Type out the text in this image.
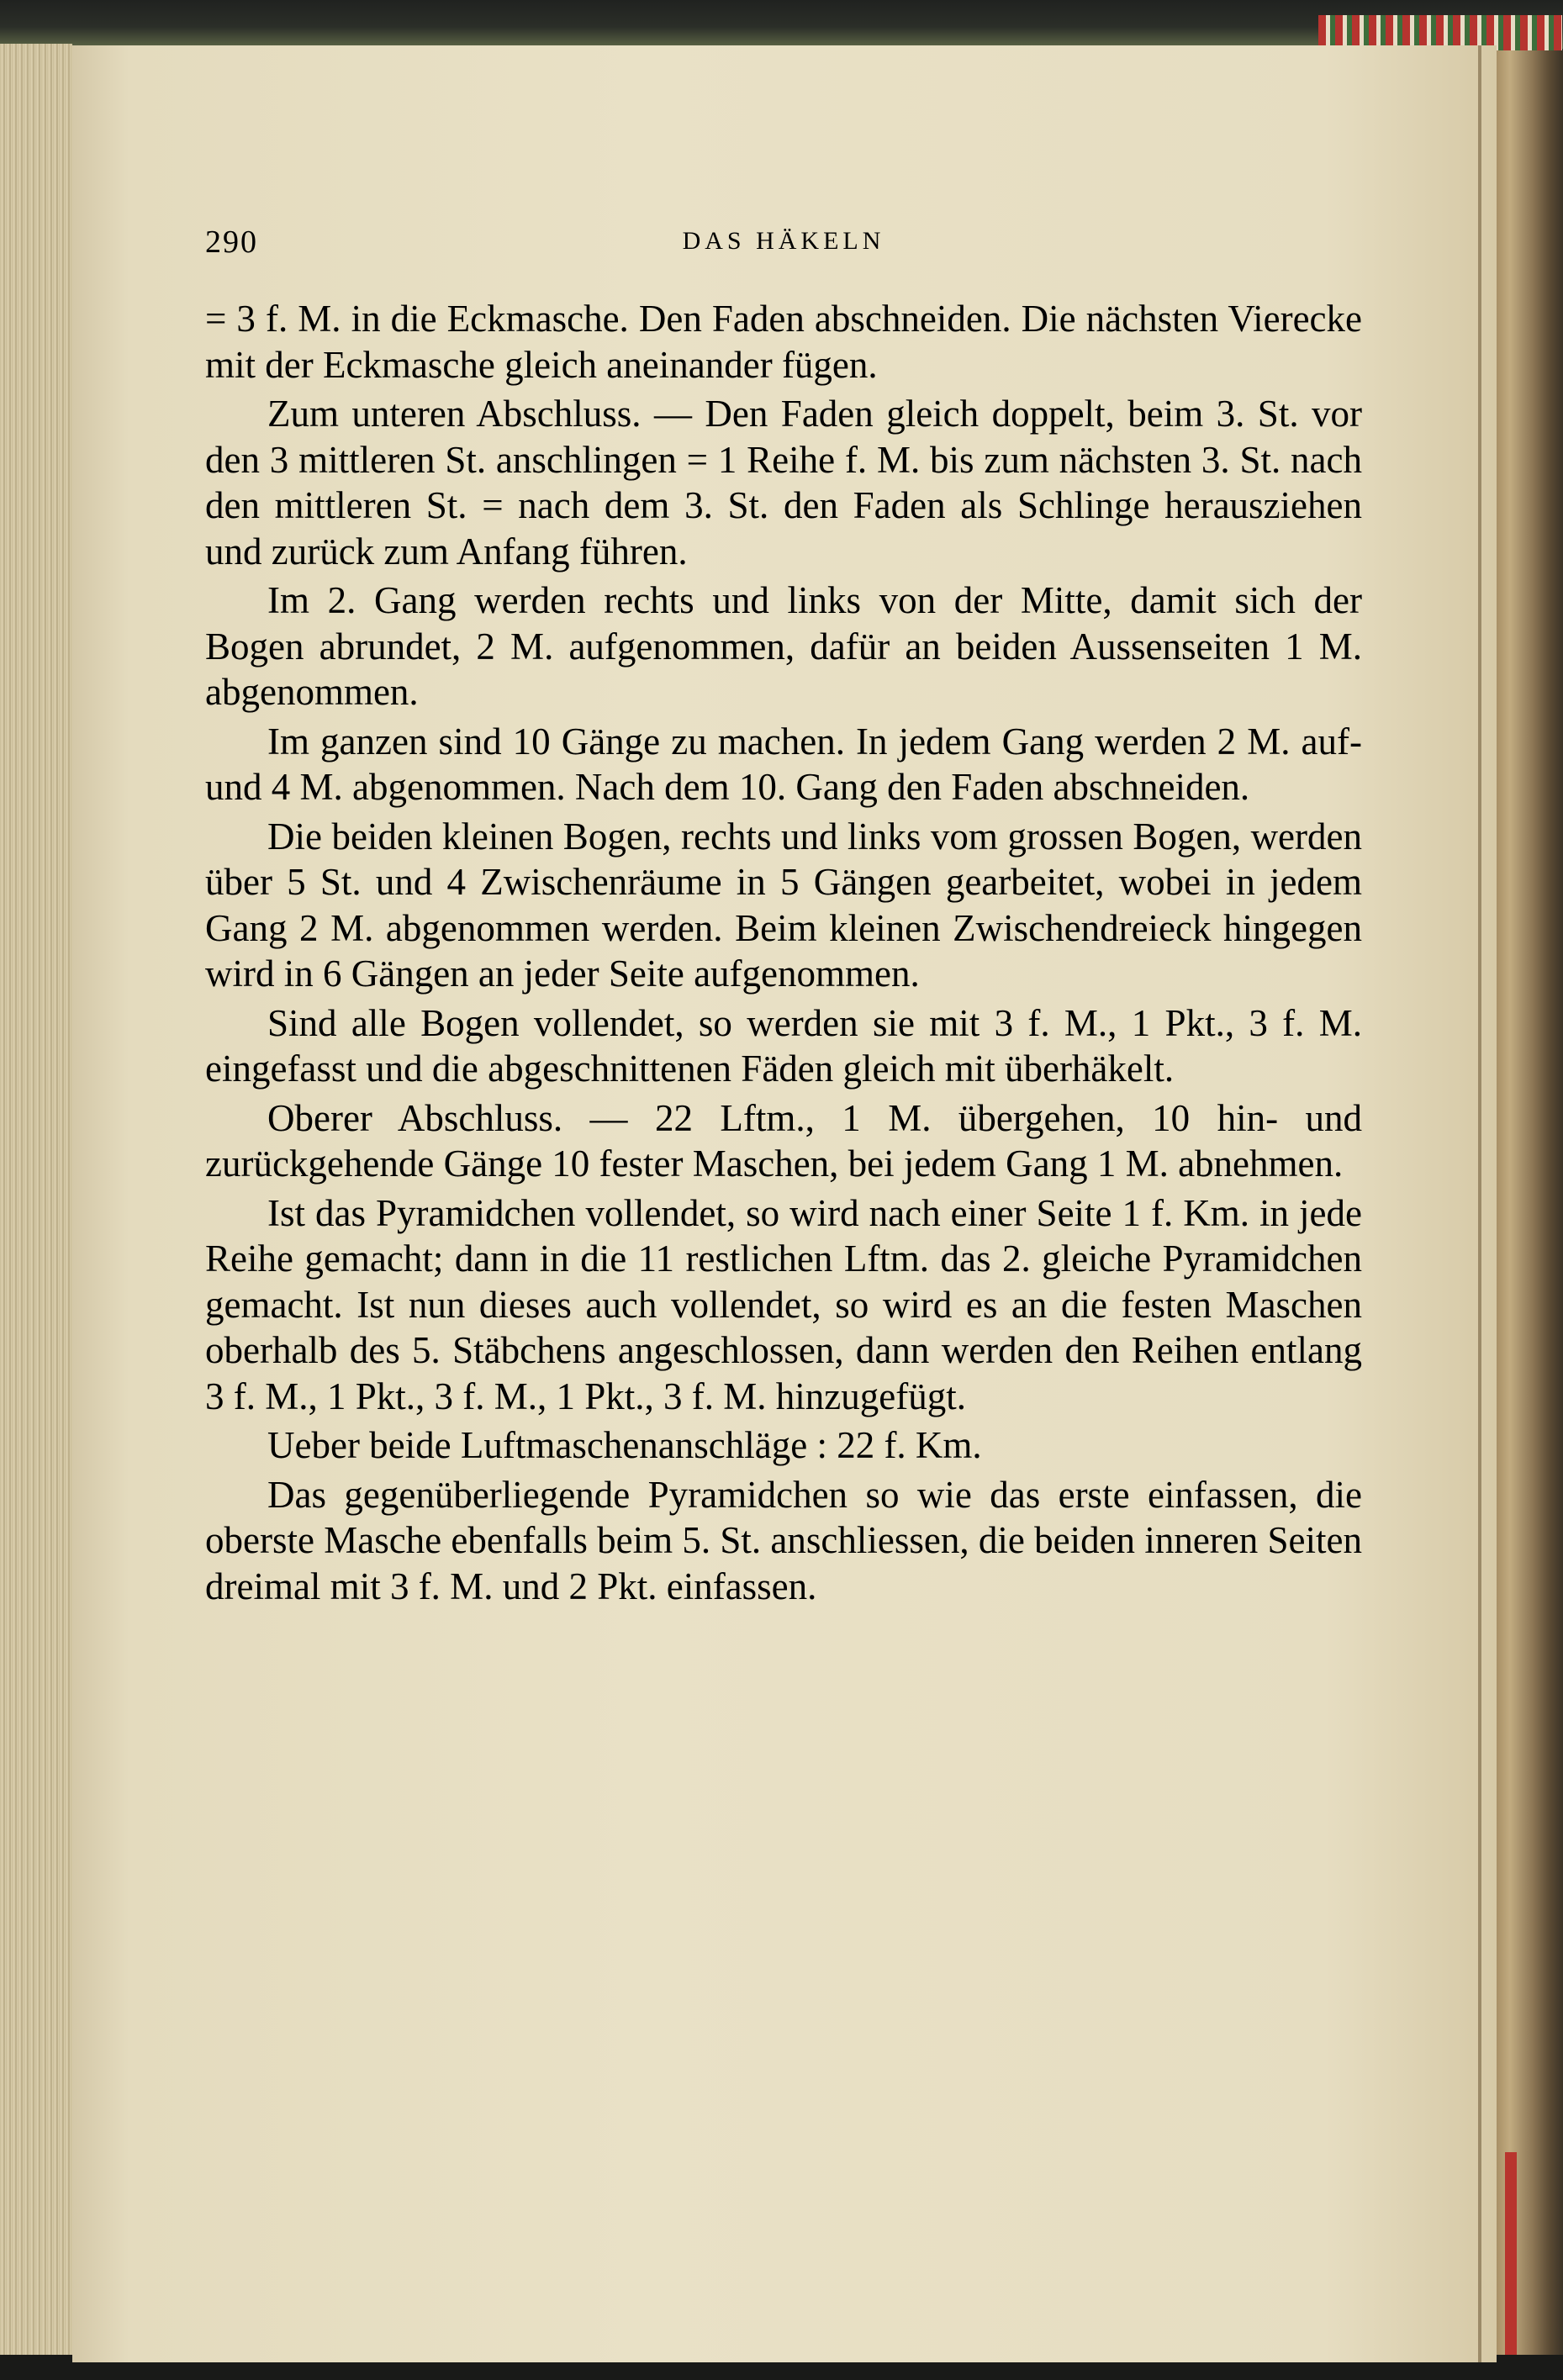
290	DAS HÄKELN

= 3 f. M. in die Eckmasche. Den Faden abschneiden. Die nächsten Vierecke mit der Eckmasche gleich aneinander fügen.

Zum unteren Abschluss. — Den Faden gleich doppelt, beim 3. St. vor den 3 mittleren St. anschlingen = 1 Reihe f. M. bis zum nächsten 3. St. nach den mittleren St. = nach dem 3. St. den Faden als Schlinge herausziehen und zurück zum Anfang führen.

Im 2. Gang werden rechts und links von der Mitte, damit sich der Bogen abrundet, 2 M. aufgenommen, dafür an beiden Aussenseiten 1 M. abgenommen.

Im ganzen sind 10 Gänge zu machen. In jedem Gang werden 2 M. auf- und 4 M. abgenommen. Nach dem 10. Gang den Faden abschneiden.

Die beiden kleinen Bogen, rechts und links vom grossen Bogen, werden über 5 St. und 4 Zwischenräume in 5 Gängen gearbeitet, wobei in jedem Gang 2 M. abgenommen werden. Beim kleinen Zwischendreieck hingegen wird in 6 Gängen an jeder Seite aufgenommen.

Sind alle Bogen vollendet, so werden sie mit 3 f. M., 1 Pkt., 3 f. M. eingefasst und die abgeschnittenen Fäden gleich mit überhäkelt.

Oberer Abschluss. — 22 Lftm., 1 M. übergehen, 10 hin- und zurückgehende Gänge 10 fester Maschen, bei jedem Gang 1 M. abnehmen.

Ist das Pyramidchen vollendet, so wird nach einer Seite 1 f. Km. in jede Reihe gemacht; dann in die 11 restlichen Lftm. das 2. gleiche Pyramidchen gemacht. Ist nun dieses auch vollendet, so wird es an die festen Maschen oberhalb des 5. Stäbchens angeschlossen, dann werden den Reihen entlang 3 f. M., 1 Pkt., 3 f. M., 1 Pkt., 3 f. M. hinzugefügt.

Ueber beide Luftmaschenanschläge : 22 f. Km.

Das gegenüberliegende Pyramidchen so wie das erste einfassen, die oberste Masche ebenfalls beim 5. St. anschliessen, die beiden inneren Seiten dreimal mit 3 f. M. und 2 Pkt. einfassen.
